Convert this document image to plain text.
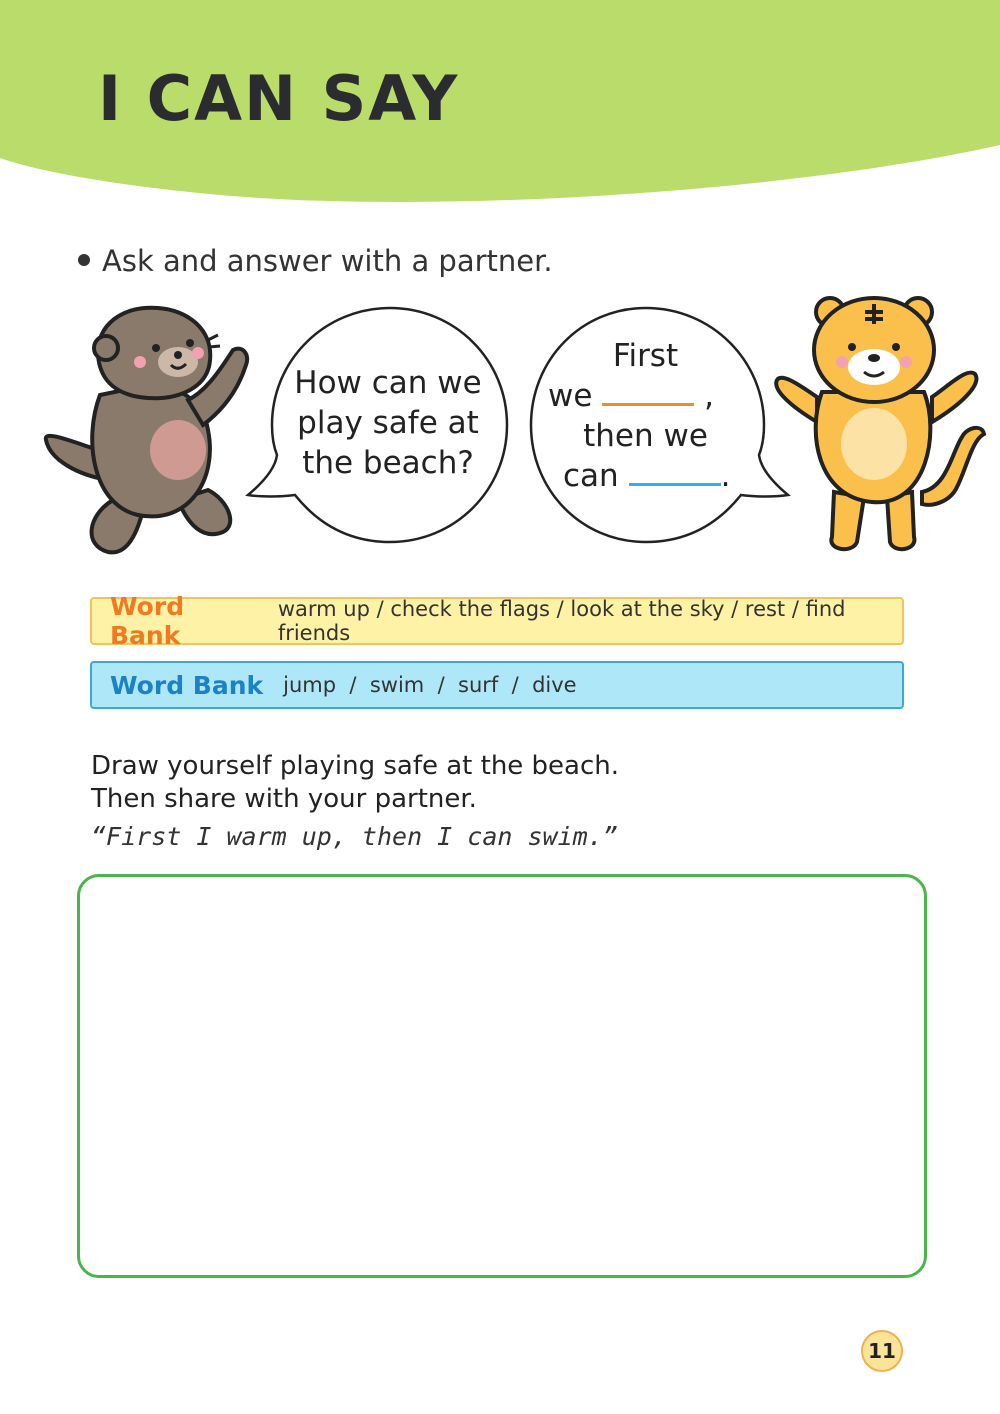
I CAN SAY
Ask and answer with a partner.
How can we
play safe at
the beach?
First
we	,
then we
can	.
Word Bank
warm up / check the flags / look at the sky / rest / find friends
Word Bank jump  /  swim  /  surf  /  dive
Draw yourself playing safe at the beach.
Then share with your partner.
“First I warm up, then I can swim.”
11
